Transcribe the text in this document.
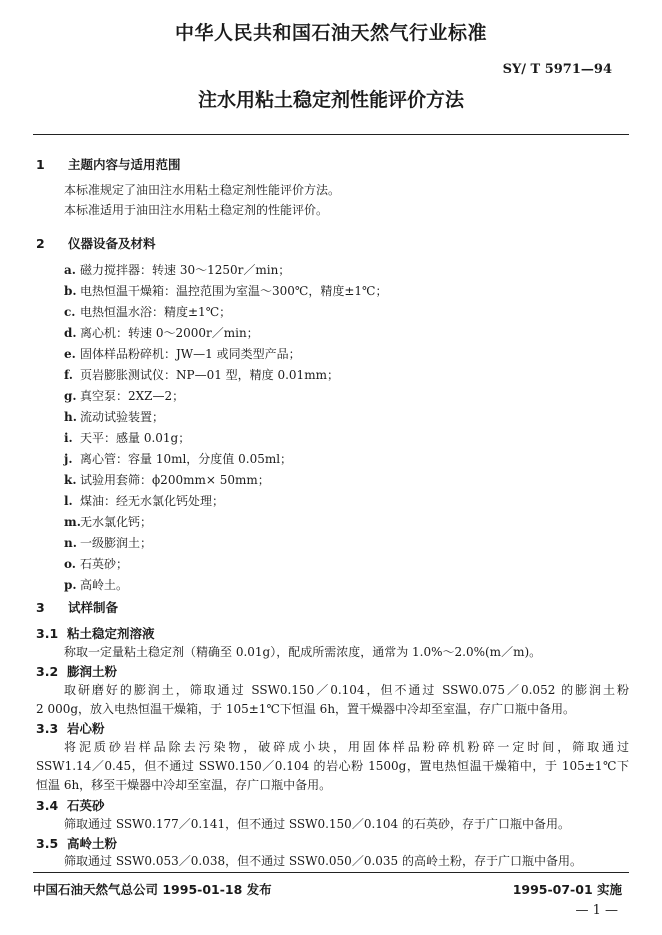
中华人民共和国石油天然气行业标准
SY/ T 5971—94
注水用粘土稳定剂性能评价方法
1 主题内容与适用范围
本标准规定了油田注水用粘土稳定剂性能评价方法。
本标准适用于油田注水用粘土稳定剂的性能评价。
2 仪器设备及材料
a. 磁力搅拌器：转速 30～1250r／min；
b. 电热恒温干燥箱：温控范围为室温～300℃，精度±1℃；
c. 电热恒温水浴：精度±1℃；
d. 离心机：转速 0～2000r／min；
e. 固体样品粉碎机：JW—1 或同类型产品；
f. 页岩膨胀测试仪：NP—01 型，精度 0.01mm；
g. 真空泵：2XZ—2；
h. 流动试验装置；
i. 天平：感量 0.01g；
j. 离心管：容量 10ml，分度值 0.05ml；
k. 试验用套筛：ϕ200mm× 50mm；
l. 煤油：经无水氯化钙处理；
m.无水氯化钙；
n. 一级膨润土；
o. 石英砂；
p. 高岭土。
3 试样制备
3.1 粘土稳定剂溶液
称取一定量粘土稳定剂（精确至 0.01g），配成所需浓度，通常为 1.0%～2.0%(m／m)。
3.2 膨润土粉
取研磨好的膨润土，筛取通过 SSW0.150／0.104，但不通过 SSW0.075／0.052 的膨润土粉
2 000g，放入电热恒温干燥箱，于 105±1℃下恒温 6h，置干燥器中冷却至室温，存广口瓶中备用。
3.3 岩心粉
将泥质砂岩样品除去污染物，破碎成小块，用固体样品粉碎机粉碎一定时间，筛取通过
SSW1.14／0.45，但不通过 SSW0.150／0.104 的岩心粉 1500g，置电热恒温干燥箱中，于 105±1℃下
恒温 6h，移至干燥器中冷却至室温，存广口瓶中备用。
3.4 石英砂
筛取通过 SSW0.177／0.141，但不通过 SSW0.150／0.104 的石英砂，存于广口瓶中备用。
中国石油天然气总公司 1995-01-18 发布	1995-07-01 实施
— 1 —
3.5 高岭土粉
筛取通过 SSW0.053／0.038，但不通过 SSW0.050／0.035 的高岭土粉，存于广口瓶中备用。
